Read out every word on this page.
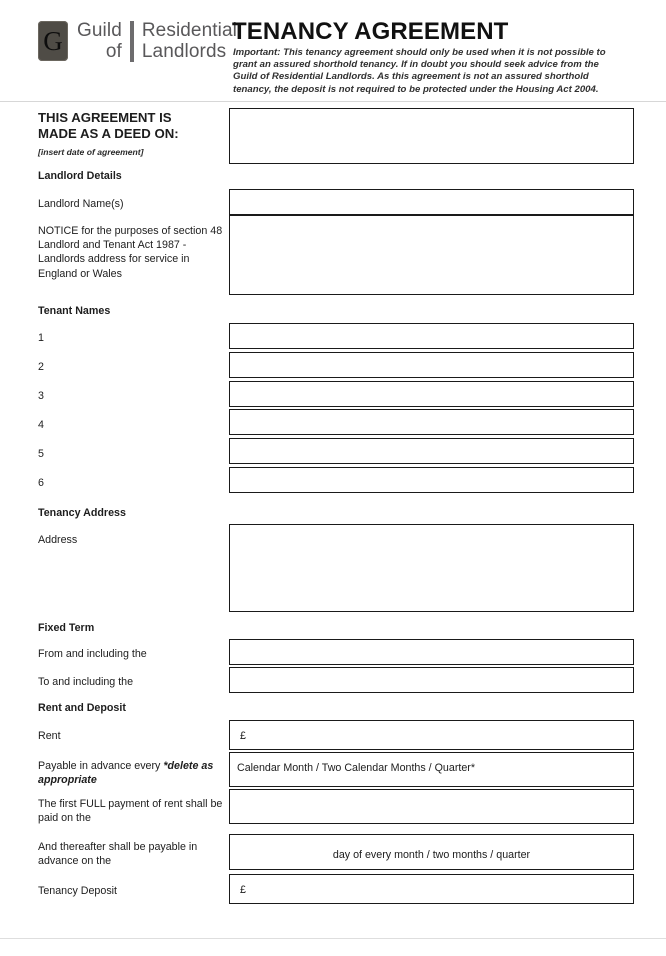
G Guild
of
Residential
Landlords
TENANCY AGREEMENT
Important: This tenancy agreement should only be used when it is not possible to grant an assured shorthold tenancy. If in doubt you should seek advice from the Guild of Residential Landlords. As this agreement is not an assured shorthold tenancy, the deposit is not required to be protected under the Housing Act 2004.
THIS AGREEMENT IS
MADE AS A DEED ON:
[insert date of agreement]
Landlord Details
Landlord Name(s)
NOTICE for the purposes of section 48 Landlord and Tenant Act 1987 - Landlords address for service in England or Wales
Tenant Names
1
2
3
4
5
6
Tenancy Address
Address
Fixed Term
From and including the
To and including the
Rent and Deposit
Rent	£
Payable in advance every *delete as appropriate
Calendar Month / Two Calendar Months / Quarter*
The first FULL payment of rent shall be paid on the
And thereafter shall be payable in advance on the
day of every month / two months / quarter
Tenancy Deposit	£
